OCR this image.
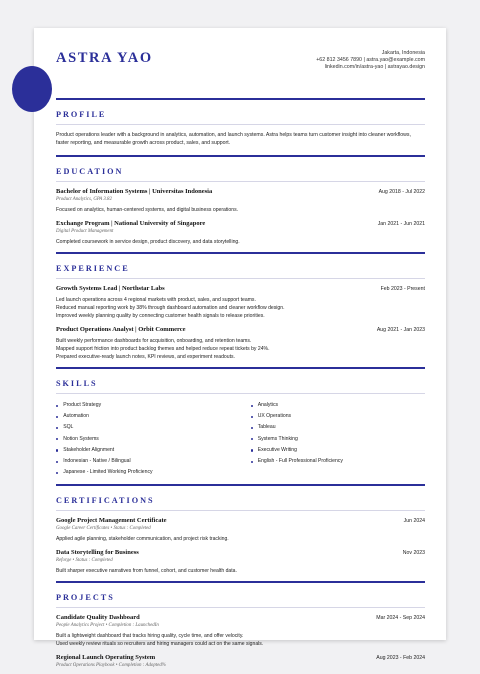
ASTRA YAO	Jakarta, Indonesia
+62 812 3456 7890 | astra.yao@example.com
linkedin.com/in/astra-yao | astrayao.design
PROFILE
Product operations leader with a background in analytics, automation, and launch systems. Astra helps teams turn customer insight into cleaner workflows, faster reporting, and measurable growth across product, sales, and support.
EDUCATION
Bachelor of Information Systems | Universitas Indonesia	Aug 2018 - Jul 2022
Product Analytics, GPA 3.82
Focused on analytics, human-centered systems, and digital business operations.
Exchange Program | National University of Singapore	Jan 2021 - Jun 2021
Digital Product Management
Completed coursework in service design, product discovery, and data storytelling.
EXPERIENCE
Growth Systems Lead | Northstar Labs	Feb 2023 - Present
Led launch operations across 4 regional markets with product, sales, and support teams.
Reduced manual reporting work by 38% through dashboard automation and cleaner workflow design.
Improved weekly planning quality by connecting customer health signals to release priorities.
Product Operations Analyst | Orbit Commerce	Aug 2021 - Jan 2023
Built weekly performance dashboards for acquisition, onboarding, and retention teams.
Mapped support friction into product backlog themes and helped reduce repeat tickets by 24%.
Prepared executive-ready launch notes, KPI reviews, and experiment readouts.
SKILLS
Product Strategy
Automation
SQL
Notion Systems
Stakeholder Alignment
Indonesian - Native / Bilingual
Japanese - Limited Working Proficiency
Analytics
UX Operations
Tableau
Systems Thinking
Executive Writing
English - Full Professional Proficiency
CERTIFICATIONS
Google Project Management Certificate	Jun 2024
Google Career Certificates • Status : Completed
Applied agile planning, stakeholder communication, and project risk tracking.
Data Storytelling for Business	Nov 2023
Reforge • Status : Completed
Built sharper executive narratives from funnel, cohort, and customer health data.
PROJECTS
Candidate Quality Dashboard	Mar 2024 - Sep 2024
People Analytics Project • Completion : LaunchedIn
Built a lightweight dashboard that tracks hiring quality, cycle time, and offer velocity.
Used weekly review rituals so recruiters and hiring managers could act on the same signals.
Regional Launch Operating System	Aug 2023 - Feb 2024
Product Operations Playbook • Completion : Adopted%
